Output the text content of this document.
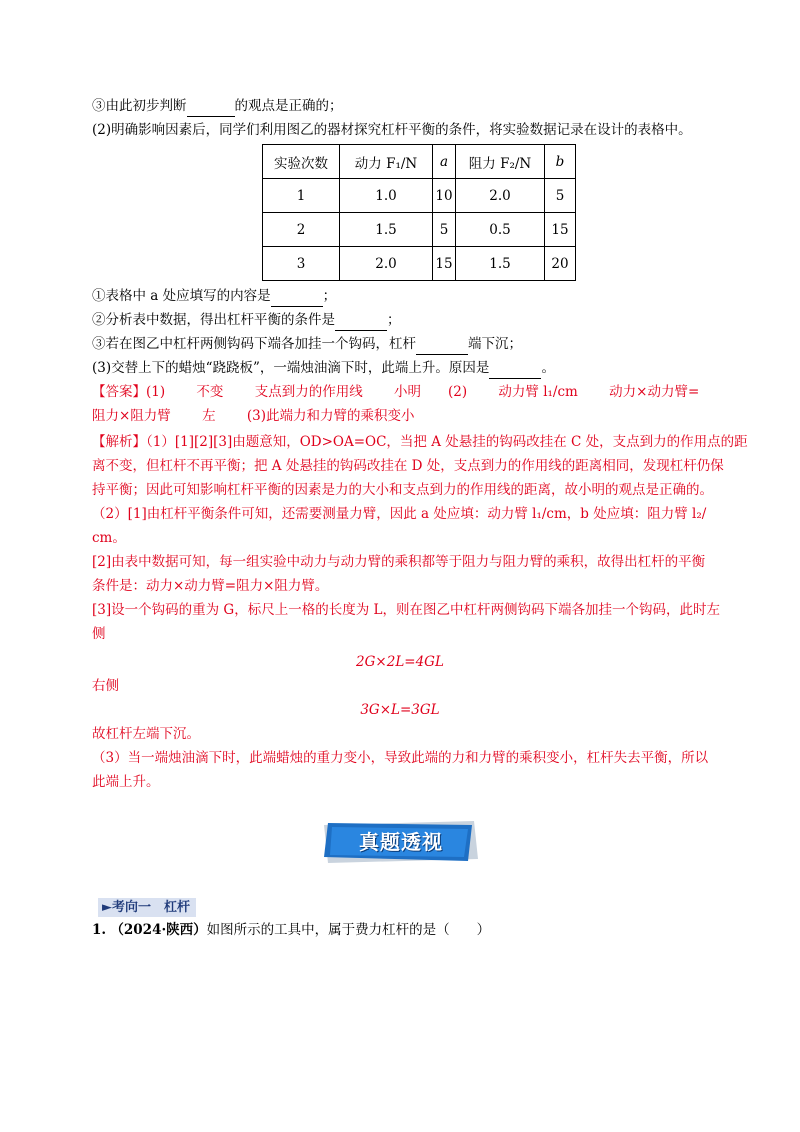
③由此初步判断	的观点是正确的；
(2)明确影响因素后，同学们利用图乙的器材探究杠杆平衡的条件，将实验数据记录在设计的表格中。
实验次数	动力 F₁/N	a	阻力 F₂/N	b
1	1.0	10	2.0	5
2	1.5	5	0.5	15
3	2.0	15	1.5	20
①表格中 a 处应填写的内容是	；
②分析表中数据，得出杠杆平衡的条件是	；
③若在图乙中杠杆两侧钩码下端各加挂一个钩码，杠杆	端下沉；
(3)交替上下的蜡烛“跷跷板”，一端烛油滴下时，此端上升。原因是	。
【答案】(1)　　 不变　　 支点到力的作用线　　 小明　　(2)　　 动力臂 l₁/cm　　 动力×动力臂=
阻力×阻力臂　　 左　　 (3)此端力和力臂的乘积变小
【解析】（1）[1][2][3]由题意知，OD>OA=OC，当把 A 处悬挂的钩码改挂在 C 处，支点到力的作用点的距
离不变，但杠杆不再平衡；把 A 处悬挂的钩码改挂在 D 处，支点到力的作用线的距离相同，发现杠杆仍保
持平衡；因此可知影响杠杆平衡的因素是力的大小和支点到力的作用线的距离，故小明的观点是正确的。
（2）[1]由杠杆平衡条件可知，还需要测量力臂，因此 a 处应填：动力臂 l₁/cm，b 处应填：阻力臂 l₂/
cm。
[2]由表中数据可知，每一组实验中动力与动力臂的乘积都等于阻力与阻力臂的乘积，故得出杠杆的平衡
条件是：动力×动力臂=阻力×阻力臂。
[3]设一个钩码的重为 G，标尺上一格的长度为 L，则在图乙中杠杆两侧钩码下端各加挂一个钩码，此时左
侧
2G×2L=4GL
右侧
3G×L=3GL
故杠杆左端下沉。
（3）当一端烛油滴下时，此端蜡烛的重力变小，导致此端的力和力臂的乘积变小，杠杆失去平衡，所以
此端上升。
真题透视
►考向一　杠杆
1. （2024·陕西）如图所示的工具中，属于费力杠杆的是（　　）
